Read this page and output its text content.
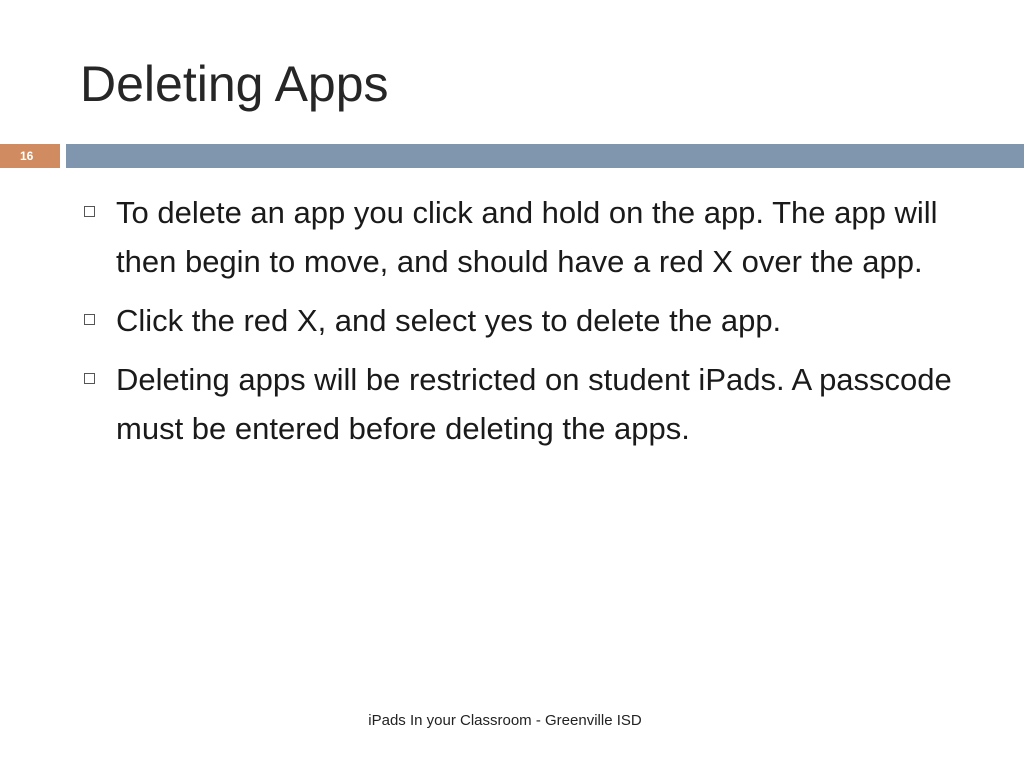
Deleting Apps
16
To delete an app you click and hold on the app. The app will then begin to move, and should have a red X over the app.
Click the red X, and select yes to delete the app.
Deleting apps will be restricted on student iPads. A passcode must be entered before deleting the apps.
iPads In your Classroom - Greenville ISD
